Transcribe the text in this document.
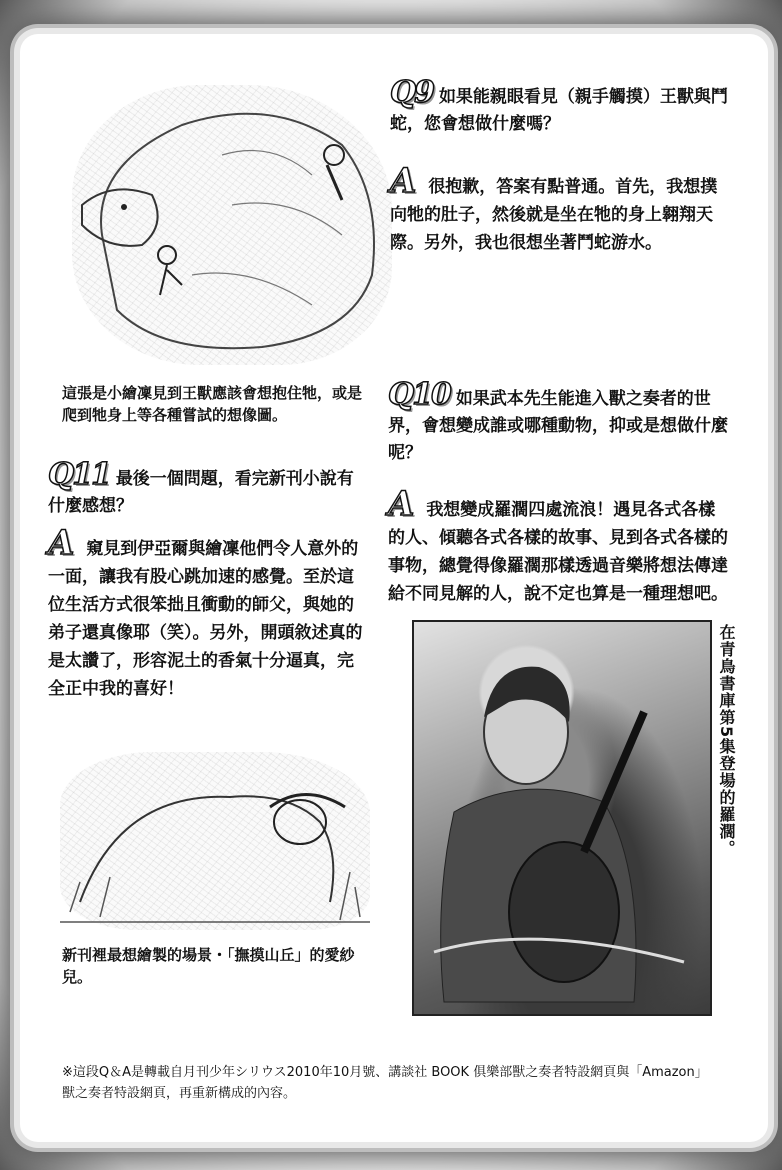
Q9 如果能親眼看見（親手觸摸）王獸與鬥蛇，您會想做什麼嗎？
A 很抱歉，答案有點普通。首先，我想撲向牠的肚子，然後就是坐在牠的身上翱翔天際。另外，我也很想坐著鬥蛇游水。
這張是小繪凜見到王獸應該會想抱住牠，或是爬到牠身上等各種嘗試的想像圖。
Q10 如果武本先生能進入獸之奏者的世界，會想變成誰或哪種動物，抑或是想做什麼呢？
A 我想變成羅濶四處流浪！遇見各式各樣的人、傾聽各式各樣的故事、見到各式各樣的事物，總覺得像羅濶那樣透過音樂將想法傳達給不同見解的人，說不定也算是一種理想吧。
Q11 最後一個問題，看完新刊小說有什麼感想？
A 窺見到伊亞爾與繪凜他們令人意外的一面，讓我有股心跳加速的感覺。至於這位生活方式很笨拙且衝動的師父，與她的弟子還真像耶（笑）。另外，開頭敘述真的是太讚了，形容泥土的香氣十分逼真，完全正中我的喜好！	在青鳥書庫第5集登場的羅濶。
新刊裡最想繪製的場景・「撫摸山丘」的愛紗兒。
※這段Q＆A是轉載自月刊少年シリウス2010年10月號、講談社 BOOK 俱樂部獸之奏者特設網頁與「Amazon」獸之奏者特設網頁，再重新構成的內容。
